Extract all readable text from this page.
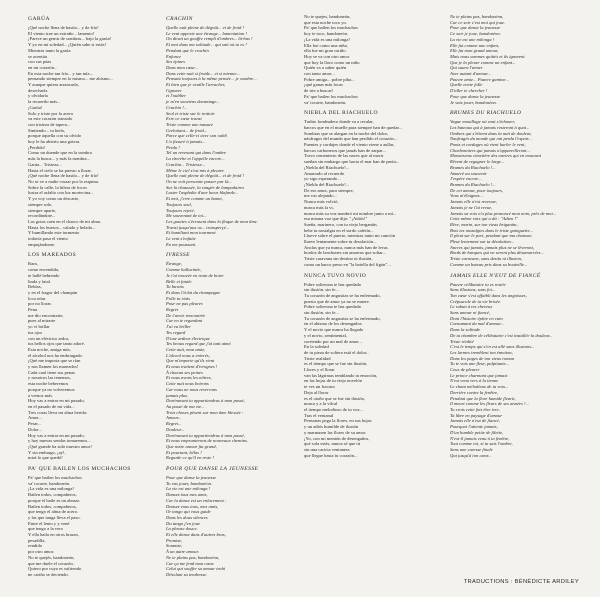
GARÚA
¡Qué noche llena de hastío... y de frío!
El viento trae un extraño... lamento!
¡Parece un gemir de sombras... bajo la garúa!
Y yo en mi soledad... ¡Quién sabe si estás!
Mientras tanto la garúa
se acentúa
con sus púas
en mi corazón...
En esta noche tan fría... y tan mía...
pensando siempre en lo mismo... me abismo...
Y aunque quiera arrancarla,
desecharla
y olvidarla
la recuerdo más...
¡Garúa!
Solo y triste por la acera
va este corazón transido
con tristeza de tapera...
Sintiendo... tu hielo,
porque aquella con su olvido
hoy le ha abierto una gotera.
¡Perdido!
Como un duende que en la sombra
más la busca... y más la nombra...
Garúa... Tristeza...
Hasta el cielo se ha puesto a llorar.
¡Qué noche llena de hastío... y de frío!
No se ve a nadie cruzar por la esquina.
Sobre la calle, la hilera de focos
lustra el asfalto con luz mortecina...
Y yo voy como un descarte,
siempre solo,
siempre aparte,
recordándote...
Las gotas caen en el charco de mi alma.
Hasta los huesos... calado y helado...
Y humillando este tormento
todavía pasa el viento
empujándome.
LOS MAREADOS
Rara,
como encendida,
te hallé bebiendo
linda y fatal.
Bebías,
y en el fragor del champán
loca reías
por no llorar.
Pena
me dio encontrarte,
pues al mirarte
yo vi brillar
tus ojos
con un eléctrico ardor,
tus bellos ojos que tanto adoré.
Esta noche, amiga mía,
el alcohol nos ha embriagado.
¡Qué me importa que se rían
y nos llamen los mareados!
Cada cual tiene sus penas
y nosotros las tenemos,
esta noche beberemos
porque ya no volveremos
a vernos más.
Hoy vas a entrar en mi pasado,
en el pasado de mi vida...
Tres cosas lleva mi alma herida:
Amor...
Pesar...
Dolor...
Hoy vas a entrar en mi pasado,
y hoy nuevas sendas tomaremos...
¡Qué grande ha sido nuestro amor!
Y sin embargo, ¡ay!,
mirá lo que quedó!
PA' QUE BAILEN LOS MUCHACHOS
Pa' que bailen los muchachos
va' tocarte, bandoneón.
¡La vida es una milonga!
Bailen todos, compañeros,
porque el baile es un abrazo.
Bailen todos, compañeros,
que tengo el alma de acero.
y las que tanga lleva el paso.
Entre el lento y y vené
que tengo a la vera
Y ella baila en otros brazos,
pesadilla,
rendida
por otro amor.
No te quejés, bandoneón,
que me duele el corazón.
Quiero por cuya es sufriendo
ne cariño se deciendo.
CRACHIN
Quelle nuit pleine de dégoût... et de froid !
Le vent apporte une étrange... lamentation !
On dirait un gouffre rempli d'ombres... là-bas !
Et moi dans ma solitude... qui sait où tu es !
Pendant que le crachin
Enfonce
Ses épines
Dans mon cœur...
Dans cette nuit si froide... et si mienne...
Pensant toujours à la même pensée... je sombre...
Et bien que je veuille l'arracher,
l'ignorer
et l'oublier
je m'en souviens davantage...
Crachin !...
Seul et triste sur le trottoir
Erre ce cœur transi
Triste comme une masure
Grelottant... de froid...
Parce que celle-ci avec son oubli
L'a fissuré à jamais...
Perdu !
Tel un revenant qui dans l'ombre
La cherche et l'appelle encore...
Crachin... Tristesse...
Même le ciel s'est mis à pleurer.
Quelle nuit pleine de dégoût... et de froid !
On ne voit personne passer par là...
Sur la chaussée, la rangée de lampadaires
Lustre l'asphalte d'une lueur blafarde...
Et moi, j'erre comme un banni,
Toujours seul,
Toujours rejeté,
Me souvenant de toi...
Les gouttes s'écrasent dans la flaque de mon âme.
Transi jusqu'aux os... transperçé...
Et humiliant mon tourment
Le vent s'enfuite
En me poussant.
IVRESSE
Étrange,
Comme hallucinée,
Je t'ai trouvée en train de boire
Belle et fatale
Tu buvais
Et dans l'éclat du champagne
Folle tu riais
Pour ne pas pleurer.
Regret
De t'avoir rencontrée
Car en te regardant
J'ai vu briller
Tes regard
D'une ardeur électrique
Tes beaux regard que j'ai tant aimé.
Cette nuit, mon amie,
L'alcool nous a enivrés,
Que m'importe qu'ils rient
Et nous traitent d'ivrognes !
À chacun ses peines
Et nous avons les nôtres,
Cette nuit nous boirons
Car nous ne nous reverrons
jamais plus.
Dorénavant tu appartiendras à mon passé,
Au passé de ma vie...
Trois choses pèsent sur mon âme blessée :
Amour...
Regret...
Douleur...
Dorénavant tu appartiendras à mon passé,
Et nous emprunterons de nouveaux chemins.
Que notre amour fut grand,
Et pourtant, hélas !
Regarde ce qu'il en reste !
POUR QUE DANSE LA JEUNESSE
Pour que danse la jeunesse
Tu vas jouer, bandonéon.
La vie est une milonga !
Dansez tous mes amis,
Car la danse est un enlacement :
Dansez vous tous, mes amis,
Or tango qui vous guide
Dans les doux silences
Du tango j'en joue
La phrase douce.
Et elle danse dans d'autres bras,
Promise,
Soumise,
À un autre amour.
Ne te plains pas, bandonéon,
Car ça me fend mon cœur.
Celui qui souffre sa amour trahi
Désolant sa tendresse.
No te quejes, bandoneón,
que esta noche toco yo.
Pa' que bailen los muchachos
hoy te toco, bandoneón.
¡La vida es una milonga!
Ella fue como una niña,
ella fue mi gran cariño.
Hoy se va con otro amor
que hoy la lloro como un niño.
Quién va a saber quién
con tanto amor...
Pobre amiga... pobre piba...
¡qué ganas más locas
de irte a buscar!
Pa' que bailen los muchachos
va' tocarte, bandoneón.
NIEBLA DEL RIACHUELO
Turbio fondeadero donde va a recalar,
barcos que en el muelle para siempre han de quedar...
Sombras que se alargan en la noche del dolor,
náufragos del mundo que han perdido el corazón...
Puentes y cordajes donde el viento viene a aullar,
barcos carboneros que jamás han de zarpar...
Torvo cementerio de las naves que al morir
sueñan sin embargo que hacia el mar han de partir...
¡Niebla del Riachuelo!...
Amarrado al recuerdo
yo sigo esperando...
¡Niebla del Riachuelo!...
De ese amor, para siempre,
me vas alejando...
Nunca más volvió,
nunca más la vi,
nunca más su voz nombró mi nombre junto a mí...
esa misma voz que dijo: "¡Adiós!"
Sueña, marinero, con tu viejo bergantín,
bebe tu nostalgia en el sordo cafetín...
Llueve sobre el puerto, mientras tanto mi canción
llueve lentamente sobre tu desolación...
Anclas que ya nunca, nunca más han de levar,
bordos de lanchones sin amarras que soltar...
Triste caravana sin destino ni ilusión,
como un barco preso en "la botella del figón"...
NUNCA TUVO NOVIO
Pobre solterona te has quedado
sin ilusión, sin fe...
Tu corazón de angustias se ha enfermado,
puesto que de amor ya no se muere.
Pobre solterona te has quedado
sin ilusión, sin fe...
Tu corazón de angustias se ha enfermado,
en el abismo de los desengaños.
Y el novio que nunca ha llegado
y el novio, sentimental,
corriendo por un mal de amor...
En la soledad
de tu pieza de soltera está el dolor...
Triste realidad
es el tiempo que se fue sin ilusión,
Llores y el llorar
van las lágrimas temblando tu emoción,
en las hojas de tu viejo novelón
te ves un fracaso
Deja al llorar
es el otoño que se fue sin ilusión,
nunca y a la vilcal
el tiempo melodioso de tu voz...
Tras el ventanal
Pensonas pega la flores, en sus hojas
y un adiós humilde de ilusión
y marmasen las flores de su amor.
¡Yo, con mi mentón de desengaños,
qué sola estás, nunca sé que tú
sin una caricia ventanera
que llegue hasta tu corazón...
Ne te plains pas, bandonéon,
Car ce soir c'est moi qui joue.
Pour que danse la jeunesse
Ce soir je joue, bandonéon.
La vie est une milonga !
Elle fut comme une enfant,
Elle fut mon grand amour,
Mais nous sommes quittés et ils ignorent
Que je la pleure comme un enfant...
Qui saura l'aimer
Avec autant d'amour...
Pauvre amie... Pauvre gamine...
Quelle envie folle
D'aller te chercher !
Pour que danse la jeunesse
Je vais jouer, bandonéon.
BRUMES DU RIACHUELO
Vague mouillage où vont s'échouer,
Les bateaux qui à jamais resteront à quai...
Ombres qui s'étirent dans la nuit de douleur,
Naufragés du monde qui ont perdu l'espoir...
Ponts et cordages où vient hurler le vent,
Charbonniers qui jamais n'appareilleront...
Monstrueux cimetière des navires qui en mourant
Rêvent de regagner le large...
Brumes du Riachuelo !...
Amarré au souvenir
J'espère encore...
Brumes du Riachuelo !...
De cet amour, pour toujours,
Vous m'éloignez...
Jamais elle n'est revenue,
Jamais je ne l'ai revue,
Jamais sa voix n'a plus prononcé mon nom, près de moi...
Cette même voix qui a dit : "Adieu !"
Rêve, marin, sur ton vieux brigantin,
Bois tes nostalgies dans le triste guinguette...
Il pleut sur le port, pendant que ma chanson
Pleut lentement sur ta désolation...
Ancres qui jamais, jamais plus ne se lèveront,
Bords de barques qui ne seront plus désamarrées...
Triste caravane, sans destin ni illusion,
Comme un bateau pris dans sa bouteille...
JAMAIS ELLE N'EUT DE FIANCÉ
Pauvre célibataire tu es restée
Sans illusions, sans foi...
Ton cœur s'est affaibli dans les angoisses,
Crépuscule de ta vie brisée.
Le ruban à tes cheveux
Sans amour ni fiancé,
Dont l'histoire épître en vain
Consumant du mal d'amour...
Dans la solitude
De ta chambre de célibataire c'est installée la douleur...
Triste réalité
C'est le temps qui s'en est allé sans illusions...
Les larmes tremblent ton émotion,
Dans les pages de ton vieux roman
Tu te vois une fleur, palpitante...
Ceux de pleurer
Le prince charmant que jamais
N'est venu vers à la tienne
Le chant mélodieux de ta voix...
Derrière contre la fenêtre,
Pendant que la flore humide fleurit,
Il meurt comme les fleurs de ses années !...
Tu crois cette fois être ivre,
Ta libre en paysage d'amour
Jamais elle n'eut de fiancé,
Pourquoi l'attente jamais,
D'un humble petite de filette,
N'est-il jamais venu à ta fenêtre,
Tout comme toi, si tu sais l'ombre,
Sans une caresse finale
Qui jusqu'à ton cœur...
TRADUCTIONS : BÉNÉDICTE ARDILEY
